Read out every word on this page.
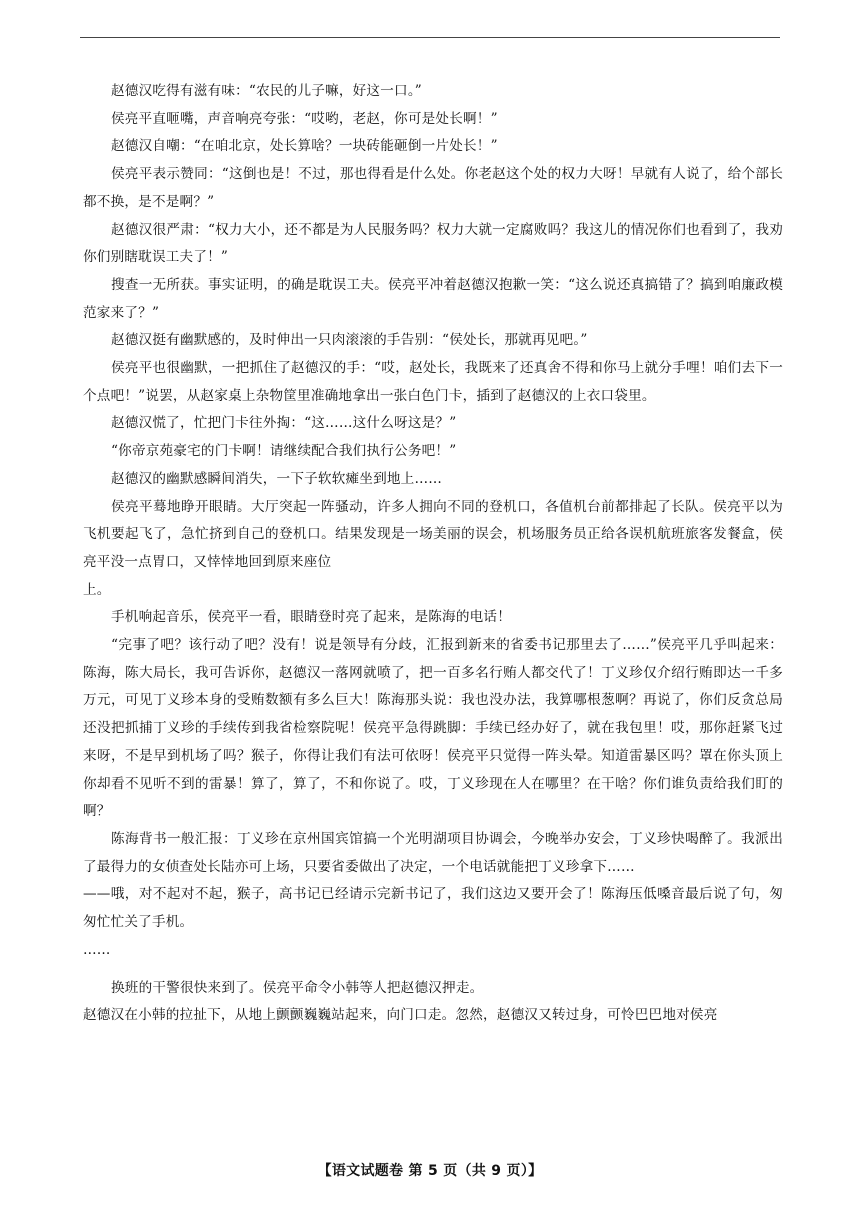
赵德汉吃得有滋有味：“农民的儿子嘛，好这一口。”

侯亮平直咂嘴，声音响亮夸张：“哎哟，老赵，你可是处长啊！”

赵德汉自嘲：“在咱北京，处长算啥？一块砖能砸倒一片处长！”

侯亮平表示赞同：“这倒也是！不过，那也得看是什么处。你老赵这个处的权力大呀！早就有人说了，给个部长都不换，是不是啊？”

赵德汉很严肃：“权力大小，还不都是为人民服务吗？权力大就一定腐败吗？我这儿的情况你们也看到了，我劝你们别瞎耽误工夫了！”

搜查一无所获。事实证明，的确是耽误工夫。侯亮平冲着赵德汉抱歉一笑：“这么说还真搞错了？搞到咱廉政模范家来了？”

赵德汉挺有幽默感的，及时伸出一只肉滚滚的手告别：“侯处长，那就再见吧。”

侯亮平也很幽默，一把抓住了赵德汉的手：“哎，赵处长，我既来了还真舍不得和你马上就分手哩！咱们去下一个点吧！”说罢，从赵家桌上杂物筐里准确地拿出一张白色门卡，插到了赵德汉的上衣口袋里。

赵德汉慌了，忙把门卡往外掏：“这……这什么呀这是？”

“你帝京苑豪宅的门卡啊！请继续配合我们执行公务吧！”

赵德汉的幽默感瞬间消失，一下子软软瘫坐到地上……

侯亮平蓦地睁开眼睛。大厅突起一阵骚动，许多人拥向不同的登机口，各值机台前都排起了长队。侯亮平以为飞机要起飞了，急忙挤到自己的登机口。结果发现是一场美丽的误会，机场服务员正给各误机航班旅客发餐盒，侯亮平没一点胃口，又悻悻地回到原来座位

上。

手机响起音乐，侯亮平一看，眼睛登时亮了起来，是陈海的电话！

“完事了吧？该行动了吧？没有！说是领导有分歧，汇报到新来的省委书记那里去了……”侯亮平几乎叫起来：陈海，陈大局长，我可告诉你，赵德汉一落网就喷了，把一百多名行贿人都交代了！丁义珍仅介绍行贿即达一千多万元，可见丁义珍本身的受贿数额有多么巨大！陈海那头说：我也没办法，我算哪根葱啊？再说了，你们反贪总局还没把抓捕丁义珍的手续传到我省检察院呢！侯亮平急得跳脚：手续已经办好了，就在我包里！哎，那你赶紧飞过来呀，不是早到机场了吗？猴子，你得让我们有法可依呀！侯亮平只觉得一阵头晕。知道雷暴区吗？罩在你头顶上你却看不见听不到的雷暴！算了，算了，不和你说了。哎，丁义珍现在人在哪里？在干啥？你们谁负责给我们盯的啊？

陈海背书一般汇报：丁义珍在京州国宾馆搞一个光明湖项目协调会，今晚举办安会，丁义珍快喝醉了。我派出了最得力的女侦查处长陆亦可上场，只要省委做出了决定，一个电话就能把丁义珍拿下……

——哦，对不起对不起，猴子，高书记已经请示完新书记了，我们这边又要开会了！陈海压低嗓音最后说了句，匆匆忙忙关了手机。

……

换班的干警很快来到了。侯亮平命令小韩等人把赵德汉押走。

赵德汉在小韩的拉扯下，从地上颤颤巍巍站起来，向门口走。忽然，赵德汉又转过身，可怜巴巴地对侯亮

【语文试题卷 第 5 页（共 9 页）】
